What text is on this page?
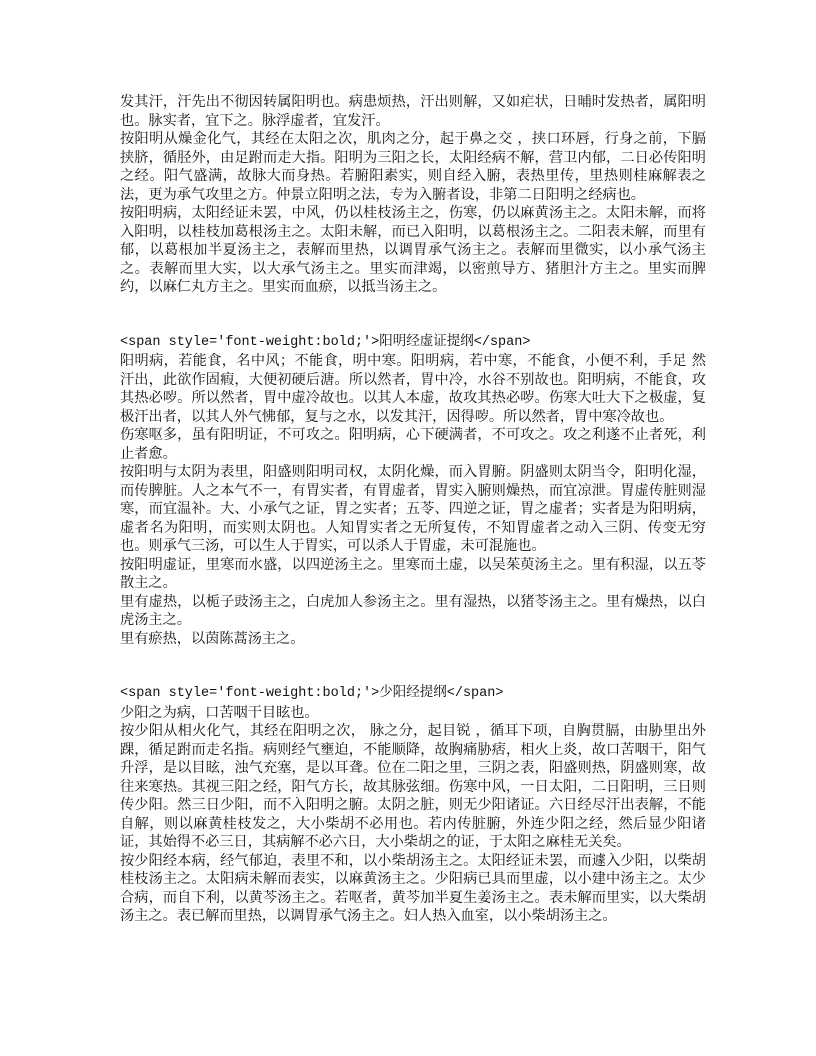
发其汗，汗先出不彻因转属阳明也。病患烦热，汗出则解，又如疟状，日晡时发热者，属阳明也。脉实者，宜下之。脉浮虚者，宜发汗。

按阳明从燥金化气，其经在太阳之次，肌肉之分，起于鼻之交 ，挟口环唇，行身之前，下膈挟脐，循胫外，由足跗而走大指。阳明为三阳之长，太阳经病不解，营卫内郁，二日必传阳明之经。阳气盛满，故脉大而身热。若腑阳素实，则自经入腑，表热里传，里热则桂麻解表之法，更为承气攻里之方。仲景立阳明之法，专为入腑者设，非第二日阳明之经病也。

按阳明病，太阳经证未罢，中风，仍以桂枝汤主之，伤寒，仍以麻黄汤主之。太阳未解，而将入阳明，以桂枝加葛根汤主之。太阳未解，而已入阳明，以葛根汤主之。二阳表未解，而里有郁，以葛根加半夏汤主之，表解而里热，以调胃承气汤主之。表解而里微实，以小承气汤主之。表解而里大实，以大承气汤主之。里实而津竭，以密煎导方、猪胆汁方主之。里实而脾约，以麻仁丸方主之。里实而血瘀，以抵当汤主之。

<span style='font-weight:bold;'>阳明经虚证提纲</span>

阳明病，若能食，名中风；不能食，明中寒。阳明病，若中寒，不能食，小便不利，手足 然汗出，此欲作固瘕，大便初硬后溏。所以然者，胃中冷，水谷不别故也。阳明病，不能食，攻其热必哕。所以然者，胃中虚冷故也。以其人本虚，故攻其热必哕。伤寒大吐大下之极虚，复极汗出者，以其人外气怫郁，复与之水，以发其汗，因得哕。所以然者，胃中寒冷故也。

伤寒呕多，虽有阳明证，不可攻之。阳明病，心下硬满者，不可攻之。攻之利遂不止者死，利止者愈。

按阳明与太阴为表里，阳盛则阳明司权，太阴化燥，而入胃腑。阴盛则太阴当令，阳明化湿，而传脾脏。人之本气不一，有胃实者，有胃虚者，胃实入腑则燥热，而宜凉泄。胃虚传脏则湿寒，而宜温补。大、小承气之证，胃之实者；五苓、四逆之证，胃之虚者；实者是为阳明病，虚者名为阳明，而实则太阴也。人知胃实者之无所复传，不知胃虚者之动入三阴、传变无穷也。则承气三汤，可以生人于胃实，可以杀人于胃虚，未可混施也。

按阳明虚证，里寒而水盛，以四逆汤主之。里寒而土虚，以吴茱萸汤主之。里有积湿，以五苓散主之。

里有虚热，以栀子豉汤主之，白虎加人参汤主之。里有湿热，以猪苓汤主之。里有燥热，以白虎汤主之。

里有瘀热，以茵陈蒿汤主之。

<span style='font-weight:bold;'>少阳经提纲</span>

少阳之为病，口苦咽干目眩也。

按少阳从相火化气，其经在阳明之次， 脉之分，起目锐 ，循耳下项，自胸贯膈，由胁里出外踝，循足跗而走名指。病则经气壅迫，不能顺降，故胸痛胁痞，相火上炎，故口苦咽干，阳气升浮，是以目眩，浊气充塞，是以耳聋。位在二阳之里，三阴之表，阳盛则热，阴盛则寒，故往来寒热。其视三阳之经，阳气方长，故其脉弦细。伤寒中风，一日太阳，二日阳明，三日则传少阳。然三日少阳，而不入阳明之腑。太阴之脏，则无少阳诸证。六日经尽汗出表解，不能自解，则以麻黄桂枝发之，大小柴胡不必用也。若内传脏腑，外连少阳之经，然后显少阳诸证，其始得不必三日，其病解不必六日，大小柴胡之的证，于太阳之麻桂无关矣。

按少阳经本病，经气郁迫，表里不和，以小柴胡汤主之。太阳经证未罢，而遽入少阳，以柴胡桂枝汤主之。太阳病未解而表实，以麻黄汤主之。少阳病已具而里虚，以小建中汤主之。太少合病，而自下利，以黄芩汤主之。若呕者，黄芩加半夏生姜汤主之。表未解而里实，以大柴胡汤主之。表已解而里热，以调胃承气汤主之。妇人热入血室，以小柴胡汤主之。
